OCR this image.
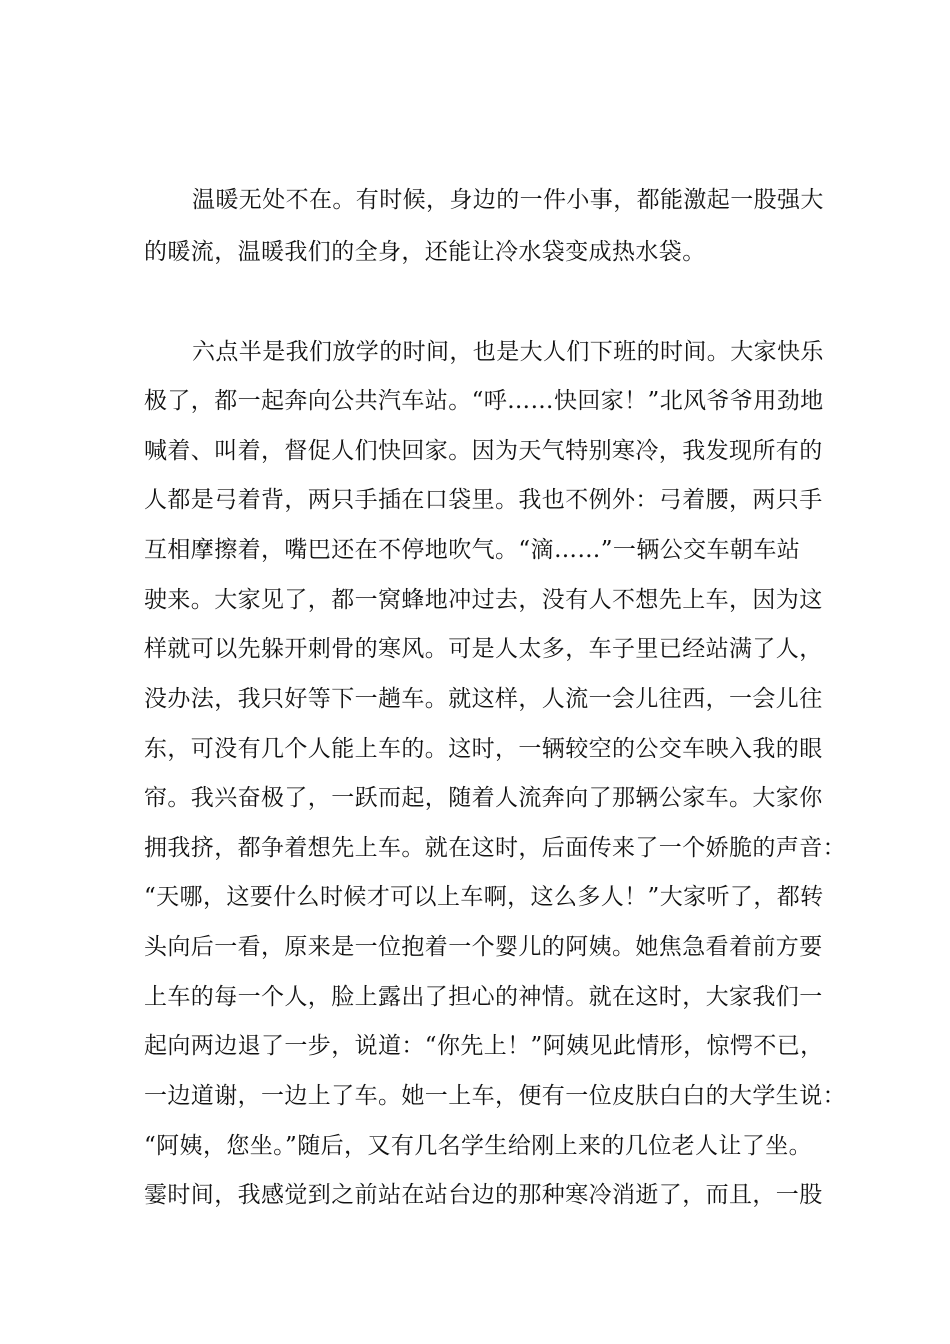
温暖无处不在。有时候，身边的一件小事，都能激起一股强大
的暖流，温暖我们的全身，还能让冷水袋变成热水袋。
六点半是我们放学的时间，也是大人们下班的时间。大家快乐
极了，都一起奔向公共汽车站。“呼……快回家！”北风爷爷用劲地
喊着、叫着，督促人们快回家。因为天气特别寒冷，我发现所有的
人都是弓着背，两只手插在口袋里。我也不例外：弓着腰，两只手
互相摩擦着，嘴巴还在不停地吹气。“滴……”一辆公交车朝车站
驶来。大家见了，都一窝蜂地冲过去，没有人不想先上车，因为这
样就可以先躲开刺骨的寒风。可是人太多，车子里已经站满了人，
没办法，我只好等下一趟车。就这样，人流一会儿往西，一会儿往
东，可没有几个人能上车的。这时，一辆较空的公交车映入我的眼
帘。我兴奋极了，一跃而起，随着人流奔向了那辆公家车。大家你
拥我挤，都争着想先上车。就在这时，后面传来了一个娇脆的声音：
“天哪，这要什么时候才可以上车啊，这么多人！”大家听了，都转
头向后一看，原来是一位抱着一个婴儿的阿姨。她焦急看着前方要
上车的每一个人，脸上露出了担心的神情。就在这时，大家我们一
起向两边退了一步，说道：“你先上！”阿姨见此情形，惊愕不已，
一边道谢，一边上了车。她一上车，便有一位皮肤白白的大学生说：
“阿姨，您坐。”随后，又有几名学生给刚上来的几位老人让了坐。
霎时间，我感觉到之前站在站台边的那种寒冷消逝了，而且，一股
